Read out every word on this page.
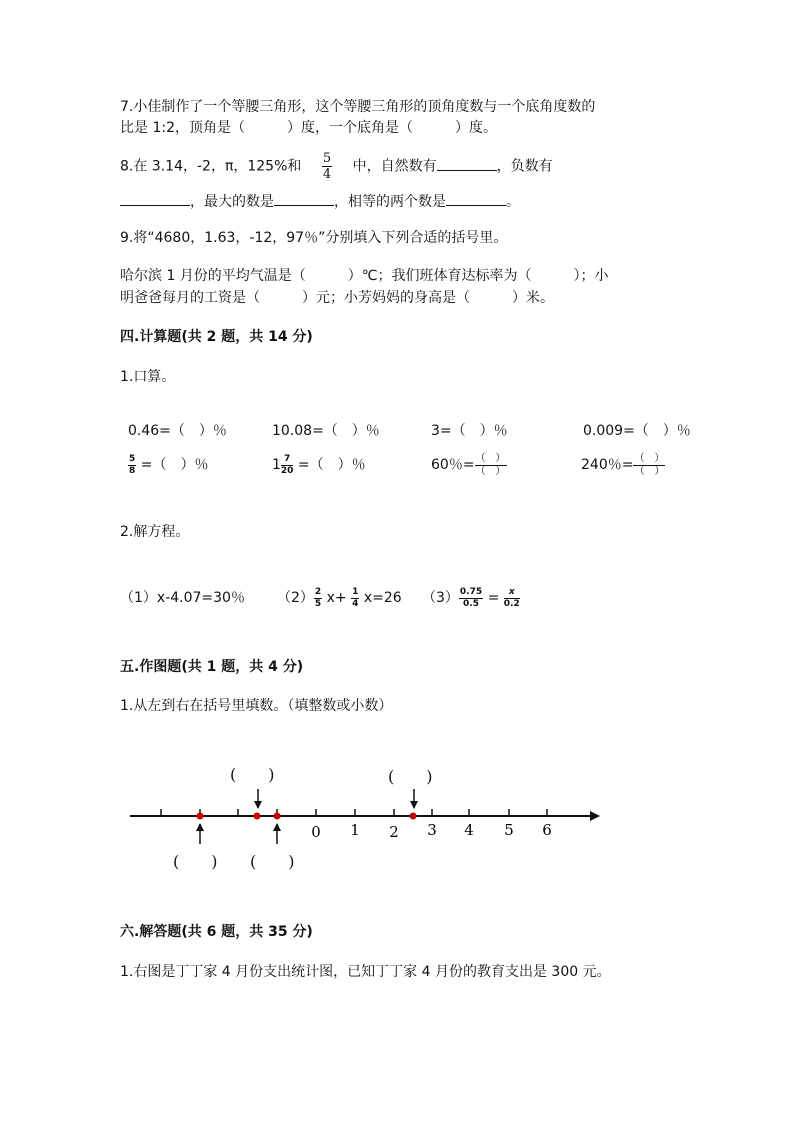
7.小佳制作了一个等腰三角形，这个等腰三角形的顶角度数与一个底角度数的
比是 1:2，顶角是（　　　）度，一个底角是（　　　）度。
8.在 3.14，-2，π，125%和 $\frac{5}{4}$ 中，自然数有	，负数有
，最大的数是	，相等的两个数是	。
9.将“4680，1.63，-12，97％”分别填入下列合适的括号里。
哈尔滨 1 月份的平均气温是（　　　）℃；我们班体育达标率为（　　　）；小
明爸爸每月的工资是（　　　）元；小芳妈妈的身高是（　　　）米。
四.计算题(共 2 题，共 14 分)
1.口算。
0.46=（　）％	10.08=（　）％	3=（　）％	0.009=（　）％
$\frac{5}{8}$ =（　）％	$1 \frac{7}{20}$ =（　）％	60％= $\frac{( )}{( )}$	240％= $\frac{( )}{( )}$
2.解方程。
（1）x-4.07=30％ $(2) \frac{2}{5} x+ \frac{1}{4} x=26$ $(3) \frac{0.75}{0.5} = \frac{x}{0.2}$
五.作图题(共 1 题，共 4 分)
1.从左到右在括号里填数。（填整数或小数）
(　　)	(　　)
(　　) (　　)
0 1 2 3 4 5 6
六.解答题(共 6 题，共 35 分)
1.右图是丁丁家 4 月份支出统计图，已知丁丁家 4 月份的教育支出是 300 元。
